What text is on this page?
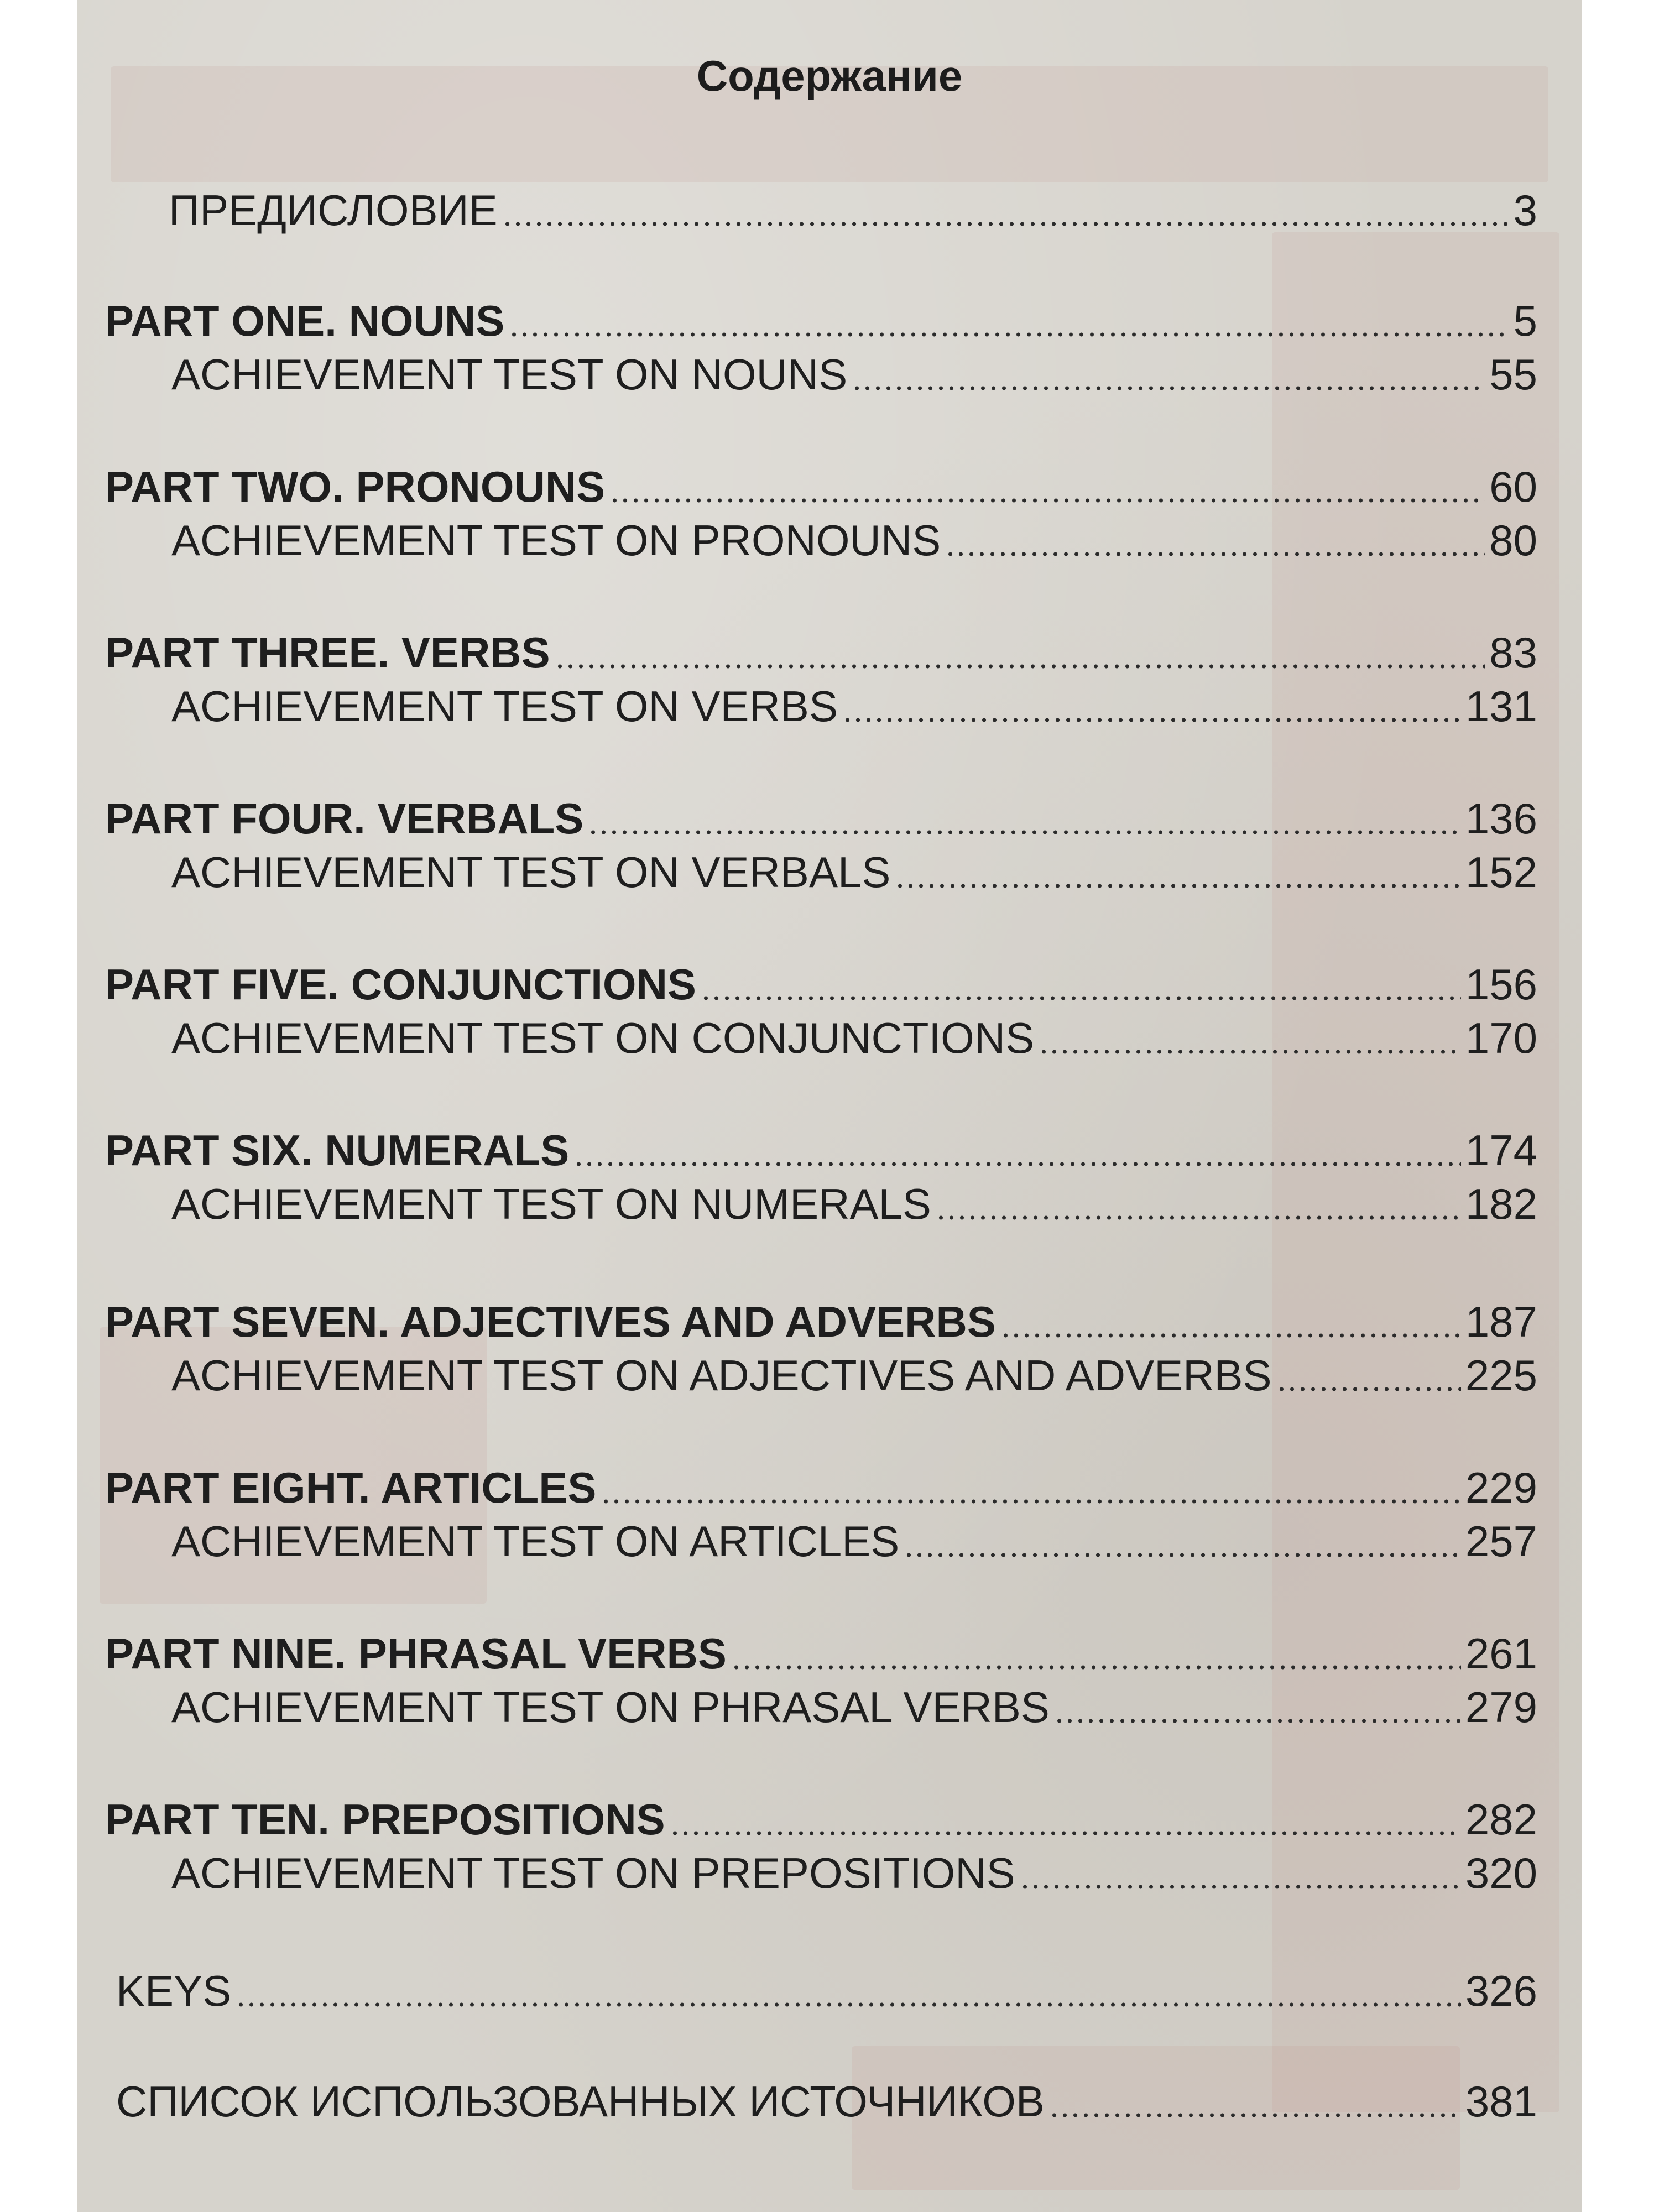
Содержание
ПРЕДИСЛОВИЕ	3
PART ONE. NOUNS	5
ACHIEVEMENT TEST ON NOUNS	55
PART TWO. PRONOUNS	60
ACHIEVEMENT TEST ON PRONOUNS	80
PART THREE. VERBS	83
ACHIEVEMENT TEST ON VERBS	131
PART FOUR. VERBALS	136
ACHIEVEMENT TEST ON VERBALS	152
PART FIVE. CONJUNCTIONS	156
ACHIEVEMENT TEST ON CONJUNCTIONS	170
PART SIX. NUMERALS	174
ACHIEVEMENT TEST ON NUMERALS	182
PART SEVEN. ADJECTIVES AND ADVERBS	187
ACHIEVEMENT TEST ON ADJECTIVES AND ADVERBS	225
PART EIGHT. ARTICLES	229
ACHIEVEMENT TEST ON ARTICLES	257
PART NINE. PHRASAL VERBS	261
ACHIEVEMENT TEST ON PHRASAL VERBS	279
PART TEN. PREPOSITIONS	282
ACHIEVEMENT TEST ON PREPOSITIONS	320
KEYS	326
СПИСОК ИСПОЛЬЗОВАННЫХ ИСТОЧНИКОВ	381
